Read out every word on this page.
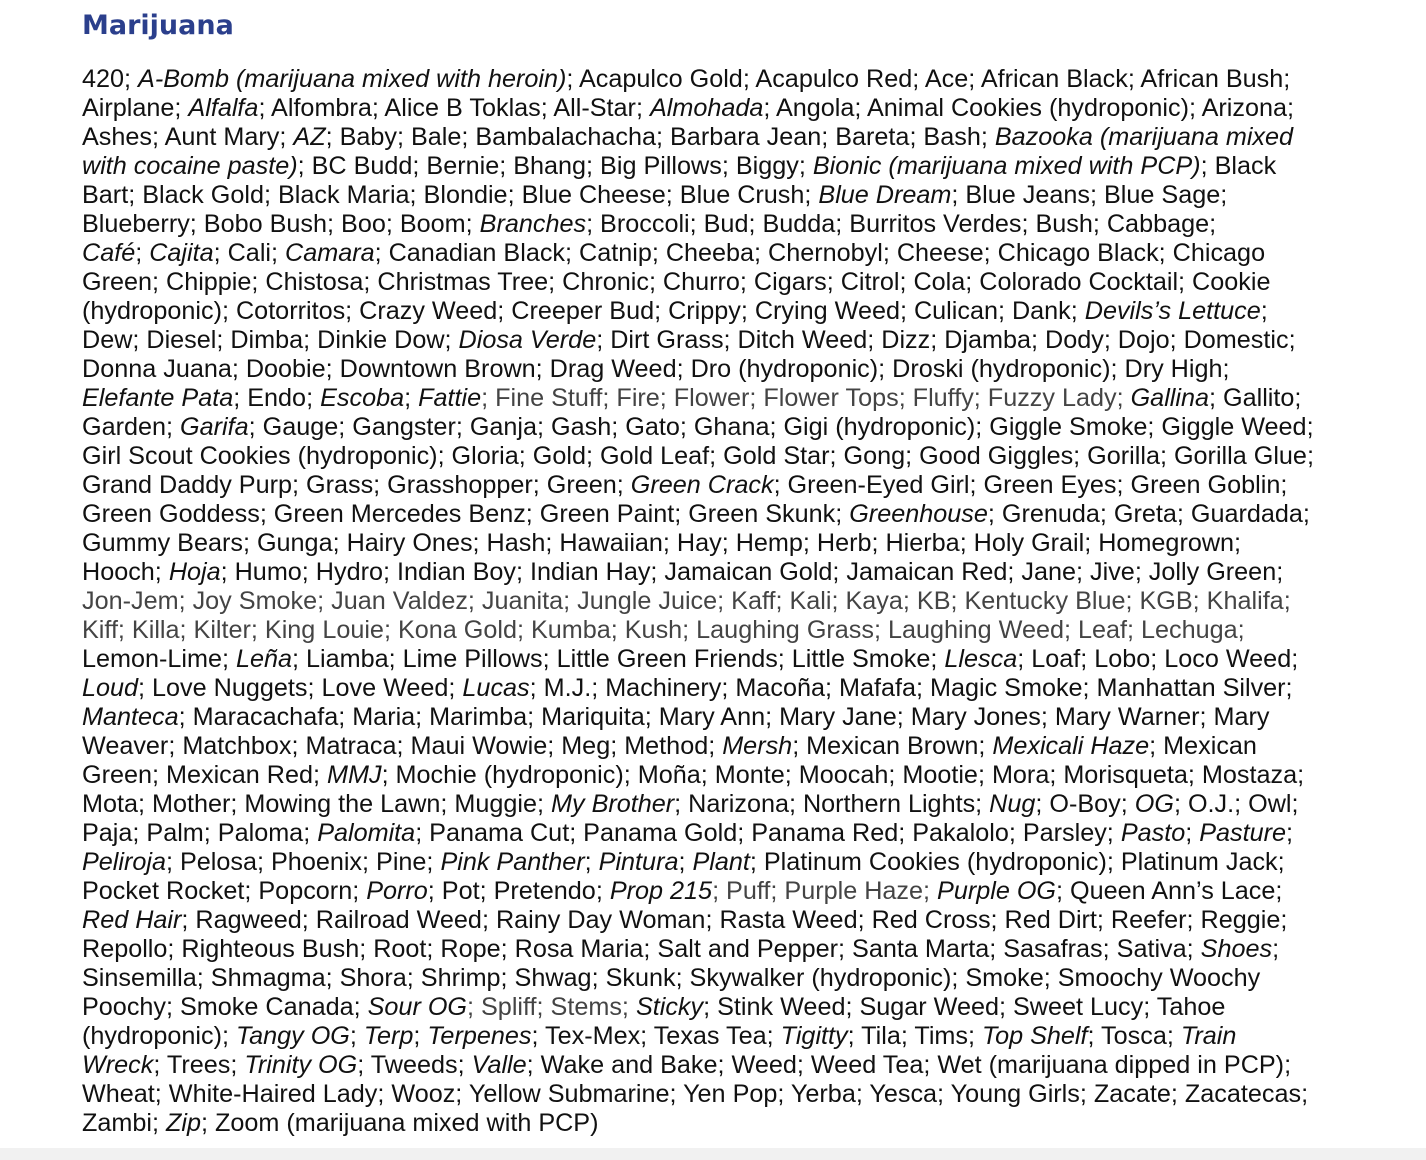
Marijuana
420; A-Bomb (marijuana mixed with heroin); Acapulco Gold; Acapulco Red; Ace; African Black; African Bush;
Airplane; Alfalfa; Alfombra; Alice B Toklas; All-Star; Almohada; Angola; Animal Cookies (hydroponic); Arizona;
Ashes; Aunt Mary; AZ; Baby; Bale; Bambalachacha; Barbara Jean; Bareta; Bash; Bazooka (marijuana mixed
with cocaine paste); BC Budd; Bernie; Bhang; Big Pillows; Biggy; Bionic (marijuana mixed with PCP); Black
Bart; Black Gold; Black Maria; Blondie; Blue Cheese; Blue Crush; Blue Dream; Blue Jeans; Blue Sage;
Blueberry; Bobo Bush; Boo; Boom; Branches; Broccoli; Bud; Budda; Burritos Verdes; Bush; Cabbage;
Café; Cajita; Cali; Camara; Canadian Black; Catnip; Cheeba; Chernobyl; Cheese; Chicago Black; Chicago
Green; Chippie; Chistosa; Christmas Tree; Chronic; Churro; Cigars; Citrol; Cola; Colorado Cocktail; Cookie
(hydroponic); Cotorritos; Crazy Weed; Creeper Bud; Crippy; Crying Weed; Culican; Dank; Devils’s Lettuce;
Dew; Diesel; Dimba; Dinkie Dow; Diosa Verde; Dirt Grass; Ditch Weed; Dizz; Djamba; Dody; Dojo; Domestic;
Donna Juana; Doobie; Downtown Brown; Drag Weed; Dro (hydroponic); Droski (hydroponic); Dry High;
Elefante Pata; Endo; Escoba; Fattie; Fine Stuff; Fire; Flower; Flower Tops; Fluffy; Fuzzy Lady; Gallina; Gallito;
Garden; Garifa; Gauge; Gangster; Ganja; Gash; Gato; Ghana; Gigi (hydroponic); Giggle Smoke; Giggle Weed;
Girl Scout Cookies (hydroponic); Gloria; Gold; Gold Leaf; Gold Star; Gong; Good Giggles; Gorilla; Gorilla Glue;
Grand Daddy Purp; Grass; Grasshopper; Green; Green Crack; Green-Eyed Girl; Green Eyes; Green Goblin;
Green Goddess; Green Mercedes Benz; Green Paint; Green Skunk; Greenhouse; Grenuda; Greta; Guardada;
Gummy Bears; Gunga; Hairy Ones; Hash; Hawaiian; Hay; Hemp; Herb; Hierba; Holy Grail; Homegrown;
Hooch; Hoja; Humo; Hydro; Indian Boy; Indian Hay; Jamaican Gold; Jamaican Red; Jane; Jive; Jolly Green;
Jon-Jem; Joy Smoke; Juan Valdez; Juanita; Jungle Juice; Kaff; Kali; Kaya; KB; Kentucky Blue; KGB; Khalifa;
Kiff; Killa; Kilter; King Louie; Kona Gold; Kumba; Kush; Laughing Grass; Laughing Weed; Leaf; Lechuga;
Lemon-Lime; Leña; Liamba; Lime Pillows; Little Green Friends; Little Smoke; Llesca; Loaf; Lobo; Loco Weed;
Loud; Love Nuggets; Love Weed; Lucas; M.J.; Machinery; Macoña; Mafafa; Magic Smoke; Manhattan Silver;
Manteca; Maracachafa; Maria; Marimba; Mariquita; Mary Ann; Mary Jane; Mary Jones; Mary Warner; Mary
Weaver; Matchbox; Matraca; Maui Wowie; Meg; Method; Mersh; Mexican Brown; Mexicali Haze; Mexican
Green; Mexican Red; MMJ; Mochie (hydroponic); Moña; Monte; Moocah; Mootie; Mora; Morisqueta; Mostaza;
Mota; Mother; Mowing the Lawn; Muggie; My Brother; Narizona; Northern Lights; Nug; O-Boy; OG; O.J.; Owl;
Paja; Palm; Paloma; Palomita; Panama Cut; Panama Gold; Panama Red; Pakalolo; Parsley; Pasto; Pasture;
Peliroja; Pelosa; Phoenix; Pine; Pink Panther; Pintura; Plant; Platinum Cookies (hydroponic); Platinum Jack;
Pocket Rocket; Popcorn; Porro; Pot; Pretendo; Prop 215; Puff; Purple Haze; Purple OG; Queen Ann’s Lace;
Red Hair; Ragweed; Railroad Weed; Rainy Day Woman; Rasta Weed; Red Cross; Red Dirt; Reefer; Reggie;
Repollo; Righteous Bush; Root; Rope; Rosa Maria; Salt and Pepper; Santa Marta; Sasafras; Sativa; Shoes;
Sinsemilla; Shmagma; Shora; Shrimp; Shwag; Skunk; Skywalker (hydroponic); Smoke; Smoochy Woochy
Poochy; Smoke Canada; Sour OG; Spliff; Stems; Sticky; Stink Weed; Sugar Weed; Sweet Lucy; Tahoe
(hydroponic); Tangy OG; Terp; Terpenes; Tex-Mex; Texas Tea; Tigitty; Tila; Tims; Top Shelf; Tosca; Train
Wreck; Trees; Trinity OG; Tweeds; Valle; Wake and Bake; Weed; Weed Tea; Wet (marijuana dipped in PCP);
Wheat; White-Haired Lady; Wooz; Yellow Submarine; Yen Pop; Yerba; Yesca; Young Girls; Zacate; Zacatecas;
Zambi; Zip; Zoom (marijuana mixed with PCP)
